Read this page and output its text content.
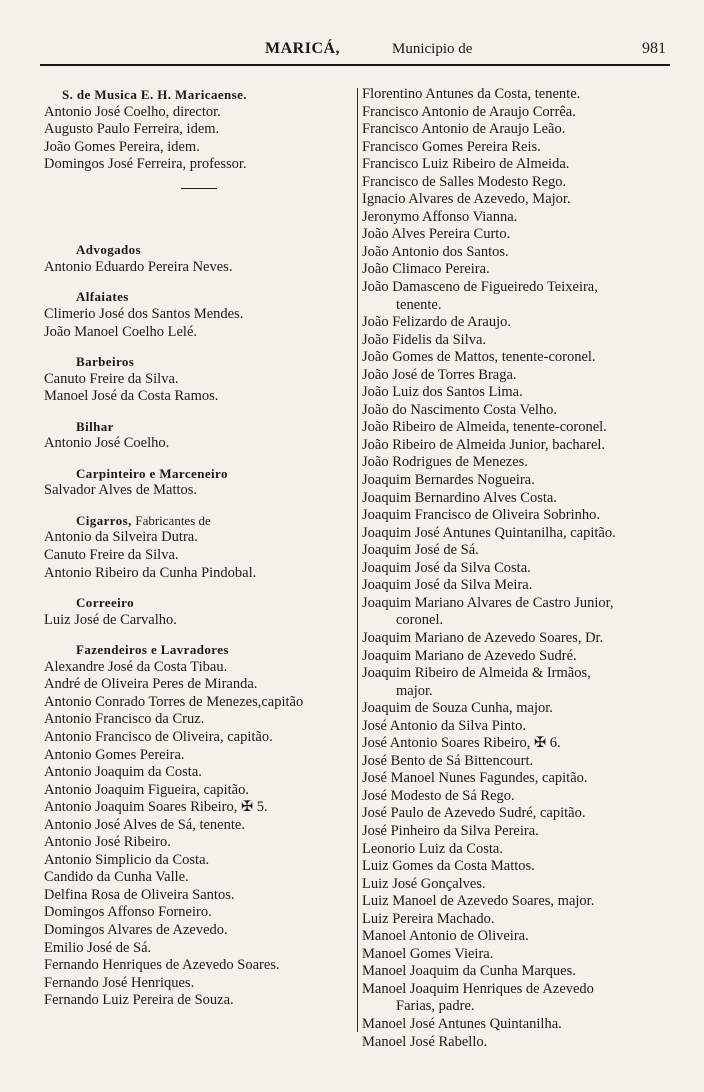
MARICÁ,	Municipio de	981
S. de Musica E. H. Maricaense.
Antonio José Coelho, director.
Augusto Paulo Ferreira, idem.
João Gomes Pereira, idem.
Domingos José Ferreira, professor.
Advogados
Antonio Eduardo Pereira Neves.
Alfaiates
Climerio José dos Santos Mendes.
João Manoel Coelho Lelé.
Barbeiros
Canuto Freire da Silva.
Manoel José da Costa Ramos.
Bilhar
Antonio José Coelho.
Carpinteiro e Marceneiro
Salvador Alves de Mattos.
Cigarros, Fabricantes de
Antonio da Silveira Dutra.
Canuto Freire da Silva.
Antonio Ribeiro da Cunha Pindobal.
Correeiro
Luiz José de Carvalho.
Fazendeiros e Lavradores
Alexandre José da Costa Tibau.
André de Oliveira Peres de Miranda.
Antonio Conrado Torres de Menezes,capitão
Antonio Francisco da Cruz.
Antonio Francisco de Oliveira, capitão.
Antonio Gomes Pereira.
Antonio Joaquim da Costa.
Antonio Joaquim Figueira, capitão.
Antonio Joaquim Soares Ribeiro, ✠ 5.
Antonio José Alves de Sá, tenente.
Antonio José Ribeiro.
Antonio Simplicio da Costa.
Candido da Cunha Valle.
Delfina Rosa de Oliveira Santos.
Domingos Affonso Forneiro.
Domingos Alvares de Azevedo.
Emilio José de Sá.
Fernando Henriques de Azevedo Soares.
Fernando José Henriques.
Fernando Luiz Pereira de Souza.
Florentino Antunes da Costa, tenente.
Francisco Antonio de Araujo Corrêa.
Francisco Antonio de Araujo Leão.
Francisco Gomes Pereira Reis.
Francisco Luiz Ribeiro de Almeida.
Francisco de Salles Modesto Rego.
Ignacio Alvares de Azevedo, Major.
Jeronymo Affonso Vianna.
João Alves Pereira Curto.
João Antonio dos Santos.
João Climaco Pereira.
João Damasceno de Figueiredo Teixeira,
tenente.
João Felizardo de Araujo.
João Fidelis da Silva.
João Gomes de Mattos, tenente-coronel.
João José de Torres Braga.
João Luiz dos Santos Lima.
João do Nascimento Costa Velho.
João Ribeiro de Almeida, tenente-coronel.
João Ribeiro de Almeida Junior, bacharel.
João Rodrigues de Menezes.
Joaquim Bernardes Nogueira.
Joaquim Bernardino Alves Costa.
Joaquim Francisco de Oliveira Sobrinho.
Joaquim José Antunes Quintanilha, capitão.
Joaquim José de Sá.
Joaquim José da Silva Costa.
Joaquim José da Silva Meira.
Joaquim Mariano Alvares de Castro Junior,
coronel.
Joaquim Mariano de Azevedo Soares, Dr.
Joaquim Mariano de Azevedo Sudré.
Joaquim Ribeiro de Almeida & Irmãos,
major.
Joaquim de Souza Cunha, major.
José Antonio da Silva Pinto.
José Antonio Soares Ribeiro, ✠ 6.
José Bento de Sá Bittencourt.
José Manoel Nunes Fagundes, capitão.
José Modesto de Sá Rego.
José Paulo de Azevedo Sudré, capitão.
José Pinheiro da Silva Pereira.
Leonorio Luiz da Costa.
Luiz Gomes da Costa Mattos.
Luiz José Gonçalves.
Luiz Manoel de Azevedo Soares, major.
Luiz Pereira Machado.
Manoel Antonio de Oliveira.
Manoel Gomes Vieira.
Manoel Joaquim da Cunha Marques.
Manoel Joaquim Henriques de Azevedo
Farias, padre.
Manoel José Antunes Quintanilha.
Manoel José Rabello.
